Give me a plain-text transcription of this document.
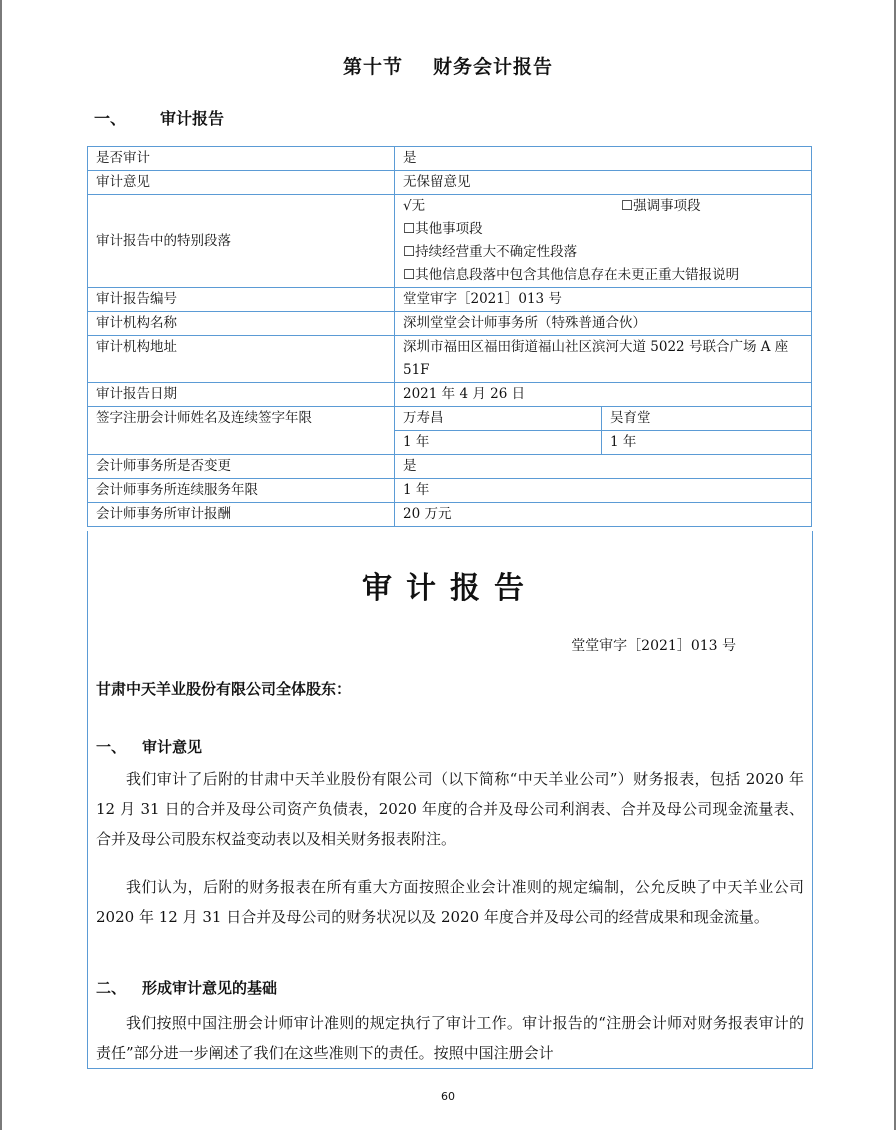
第十节 财务会计报告
一、 审计报告
是否审计	是	
审计意见	无保留意见	
审计报告中的特别段落	√无 ☐强调事项段
☐其他事项段
☐持续经营重大不确定性段落
☐其他信息段落中包含其他信息存在未更正重大错报说明	

审计报告编号	堂堂审字［2021］013 号	
审计机构名称	深圳堂堂会计师事务所（特殊普通合伙）	
审计机构地址	深圳市福田区福田街道福山社区滨河大道 5022 号联合广场 A 座 51F	
审计报告日期	2021 年 4 月 26 日	
签字注册会计师姓名及连续签字年限	万寿昌	吴育堂
	1 年	1 年
会计师事务所是否变更	是	
会计师事务所连续服务年限	1 年	
会计师事务所审计报酬	20 万元	
审计报告
堂堂审字［2021］013 号
甘肃中天羊业股份有限公司全体股东：
一、 审计意见
我们审计了后附的甘肃中天羊业股份有限公司（以下简称“中天羊业公司”）财务报表，包括 2020 年 12 月 31 日的合并及母公司资产负债表，2020 年度的合并及母公司利润表、合并及母公司现金流量表、合并及母公司股东权益变动表以及相关财务报表附注。
我们认为，后附的财务报表在所有重大方面按照企业会计准则的规定编制，公允反映了中天羊业公司 2020 年 12 月 31 日合并及母公司的财务状况以及 2020 年度合并及母公司的经营成果和现金流量。
二、 形成审计意见的基础
我们按照中国注册会计师审计准则的规定执行了审计工作。审计报告的“注册会计师对财务报表审计的责任”部分进一步阐述了我们在这些准则下的责任。按照中国注册会计
60
